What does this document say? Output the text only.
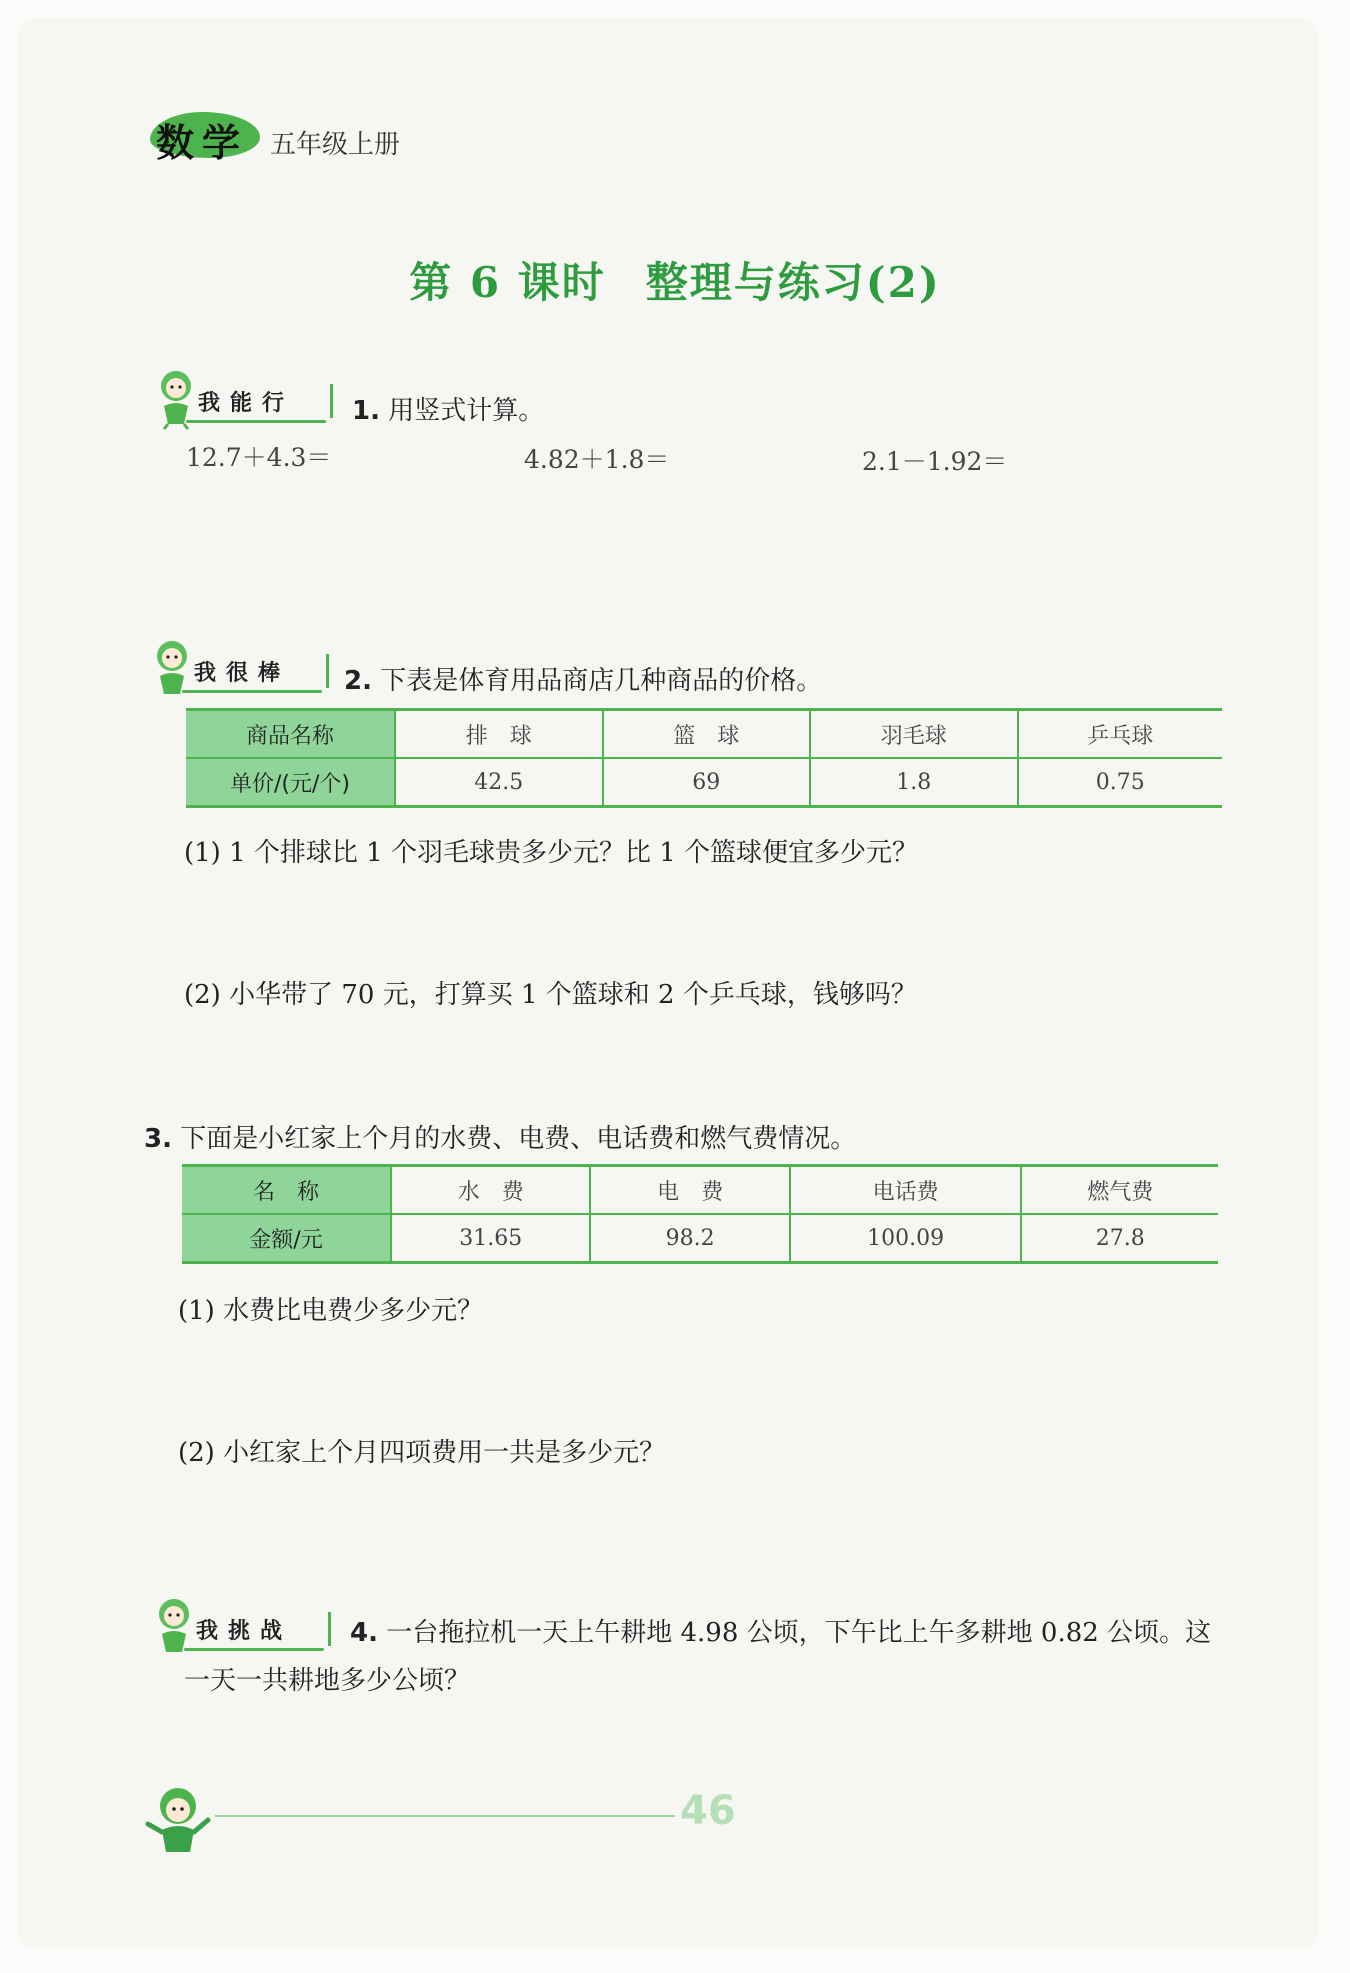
数学 五年级上册
第 6 课时 整理与练习(2)
我能行 1. 用竖式计算。
12.7＋4.3＝	4.82＋1.8＝	2.1－1.92＝
我很棒 2. 下表是体育用品商店几种商品的价格。
商品名称	排　球	篮　球	羽毛球	乒乓球
单价/(元/个)	42.5	69	1.8	0.75
(1) 1 个排球比 1 个羽毛球贵多少元？比 1 个篮球便宜多少元？
(2) 小华带了 70 元，打算买 1 个篮球和 2 个乒乓球，钱够吗？
3. 下面是小红家上个月的水费、电费、电话费和燃气费情况。
名　称	水　费	电　费	电话费	燃气费
金额/元	31.65	98.2	100.09	27.8
(1) 水费比电费少多少元？
(2) 小红家上个月四项费用一共是多少元？
我挑战 4. 一台拖拉机一天上午耕地 4.98 公顷，下午比上午多耕地 0.82 公顷。这
一天一共耕地多少公顷？
46
